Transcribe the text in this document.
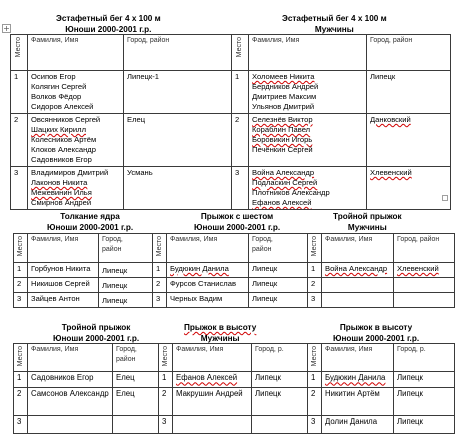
+
Эстафетный бег 4 х 100 м
Юноши 2000-2001 г.р.
Эстафетный бег 4 х 100 м
Мужчины
Место	Фамилия, Имя	Город, район	Место	Фамилия, Имя	Город, район
1	Осипов Егор
Колягин Сергей
Волков Фёдор
Сидоров Алексей	Липецк-1	1	Холомеев Никита
Бердников Андрей
Дмитриев Максим
Ульянов Дмитрий	Липецк
2	Овсянников Сергей
Шацких Кирилл
Колесников Артём
Клоков Александр
Садовников Егор	Елец	2	Селезнёв Виктор
Кораблин Павел
Боровикин Игорь
Печёнкин Сергей	Данковский
3	Владимиров Дмитрий
Лаконов Никита
Межевинин Илья
Смирнов Андрей	Усмань	3	Война Александр
Подласкин Сергей
Плотников Александр
Ефанов Алексей	Хлевенский
Толкание ядра
Юноши 2000-2001 г.р.
Прыжок с шестом
Юноши 2000-2001 г.р.
Тройной прыжок
Мужчины
Место	Фамилия, Имя	Город,
район	Место	Фамилия, Имя	Город,
район	Место	Фамилия, Имя	Город, район
1	Горбунов Никита	Липецк	1	Будюкин Данила	Липецк	1	Война Александр	Хлевенский
2	Никишов Сергей	Липецк	2	Фурсов Станислав	Липецк	2		
3	Зайцев Антон	Липецк	3	Черных Вадим	Липецк	3		
Тройной прыжок
Юноши 2000-2001 г.р.
Прыжок в высоту
Мужчины
Прыжок в высоту
Юноши 2000-2001 г.р.
Место	Фамилия, Имя	Город,
район	Место	Фамилия, Имя	Город, р.	Место	Фамилия, Имя	Город, р.
1	Садовников Егор	Елец	1	Ефанов Алексей	Липецк	1	Будюкин Данила	Липецк
2	Самсонов Александр	Елец	2	Макрушин Андрей	Липецк	2	Никитин Артём	Липецк
3			3			3	Долин Данила	Липецк
